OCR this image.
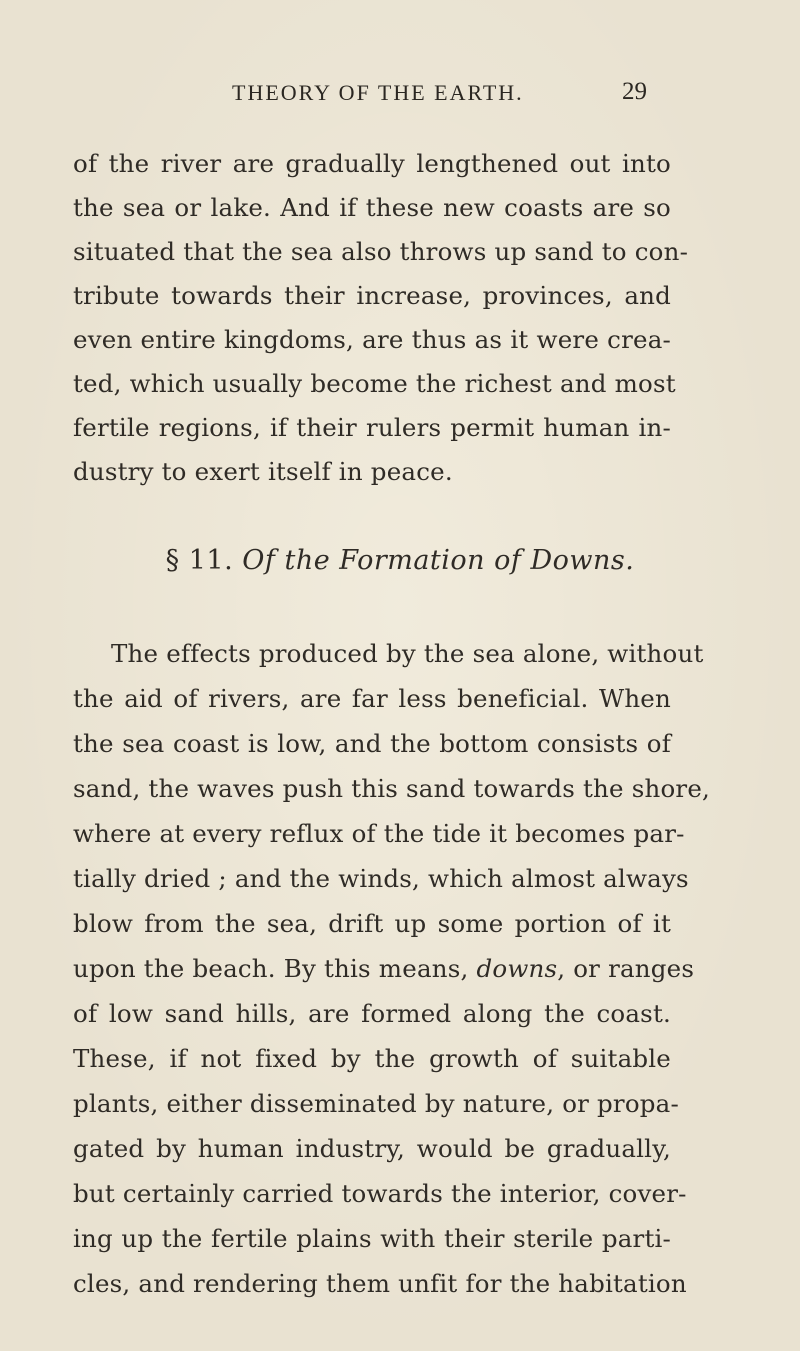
THEORY OF THE EARTH.	29
of the river are gradually lengthened out into
the sea or lake. And if these new coasts are so
situated that the sea also throws up sand to con-
tribute towards their increase, provinces, and
even entire kingdoms, are thus as it were crea-
ted, which usually become the richest and most
fertile regions, if their rulers permit human in-
dustry to exert itself in peace.
§ 11. Of the Formation of Downs.
The effects produced by the sea alone, without
the aid of rivers, are far less beneficial. When
the sea coast is low, and the bottom consists of
sand, the waves push this sand towards the shore,
where at every reflux of the tide it becomes par-
tially dried ; and the winds, which almost always
blow from the sea, drift up some portion of it
upon the beach. By this means, downs, or ranges
of low sand hills, are formed along the coast.
These, if not fixed by the growth of suitable
plants, either disseminated by nature, or propa-
gated by human industry, would be gradually,
but certainly carried towards the interior, cover-
ing up the fertile plains with their sterile parti-
cles, and rendering them unfit for the habitation
